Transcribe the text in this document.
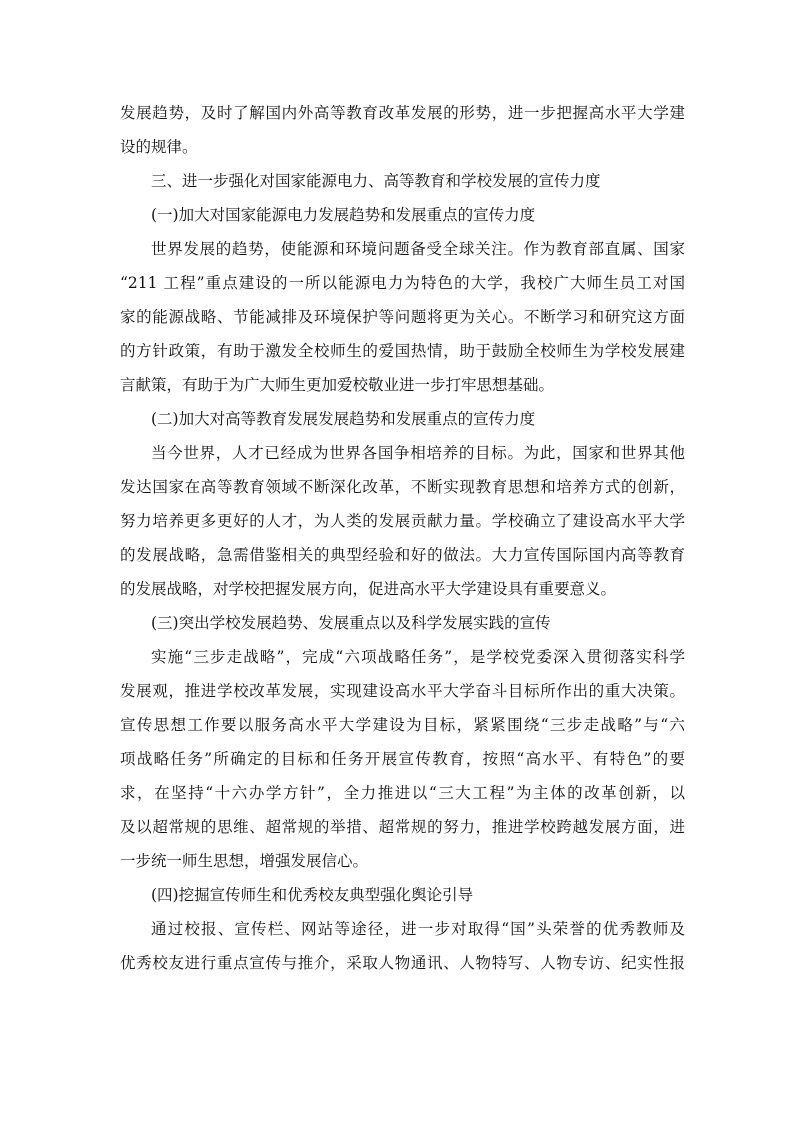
发展趋势，及时了解国内外高等教育改革发展的形势，进一步把握高水平大学建
设的规律。
三、进一步强化对国家能源电力、高等教育和学校发展的宣传力度
(一)加大对国家能源电力发展趋势和发展重点的宣传力度
世界发展的趋势，使能源和环境问题备受全球关注。作为教育部直属、国家
“211 工程”重点建设的一所以能源电力为特色的大学，我校广大师生员工对国
家的能源战略、节能减排及环境保护等问题将更为关心。不断学习和研究这方面
的方针政策，有助于激发全校师生的爱国热情，助于鼓励全校师生为学校发展建
言献策，有助于为广大师生更加爱校敬业进一步打牢思想基础。
(二)加大对高等教育发展发展趋势和发展重点的宣传力度
当今世界，人才已经成为世界各国争相培养的目标。为此，国家和世界其他
发达国家在高等教育领域不断深化改革，不断实现教育思想和培养方式的创新，
努力培养更多更好的人才，为人类的发展贡献力量。学校确立了建设高水平大学
的发展战略，急需借鉴相关的典型经验和好的做法。大力宣传国际国内高等教育
的发展战略，对学校把握发展方向，促进高水平大学建设具有重要意义。
(三)突出学校发展趋势、发展重点以及科学发展实践的宣传
实施“三步走战略”，完成“六项战略任务”，是学校党委深入贯彻落实科学
发展观，推进学校改革发展，实现建设高水平大学奋斗目标所作出的重大决策。
宣传思想工作要以服务高水平大学建设为目标，紧紧围绕“三步走战略”与“六
项战略任务”所确定的目标和任务开展宣传教育，按照“高水平、有特色”的要
求，在坚持“十六办学方针”，全力推进以“三大工程”为主体的改革创新，以
及以超常规的思维、超常规的举措、超常规的努力，推进学校跨越发展方面，进
一步统一师生思想，增强发展信心。
(四)挖掘宣传师生和优秀校友典型强化舆论引导
通过校报、宣传栏、网站等途径，进一步对取得“国”头荣誉的优秀教师及
优秀校友进行重点宣传与推介，采取人物通讯、人物特写、人物专访、纪实性报
